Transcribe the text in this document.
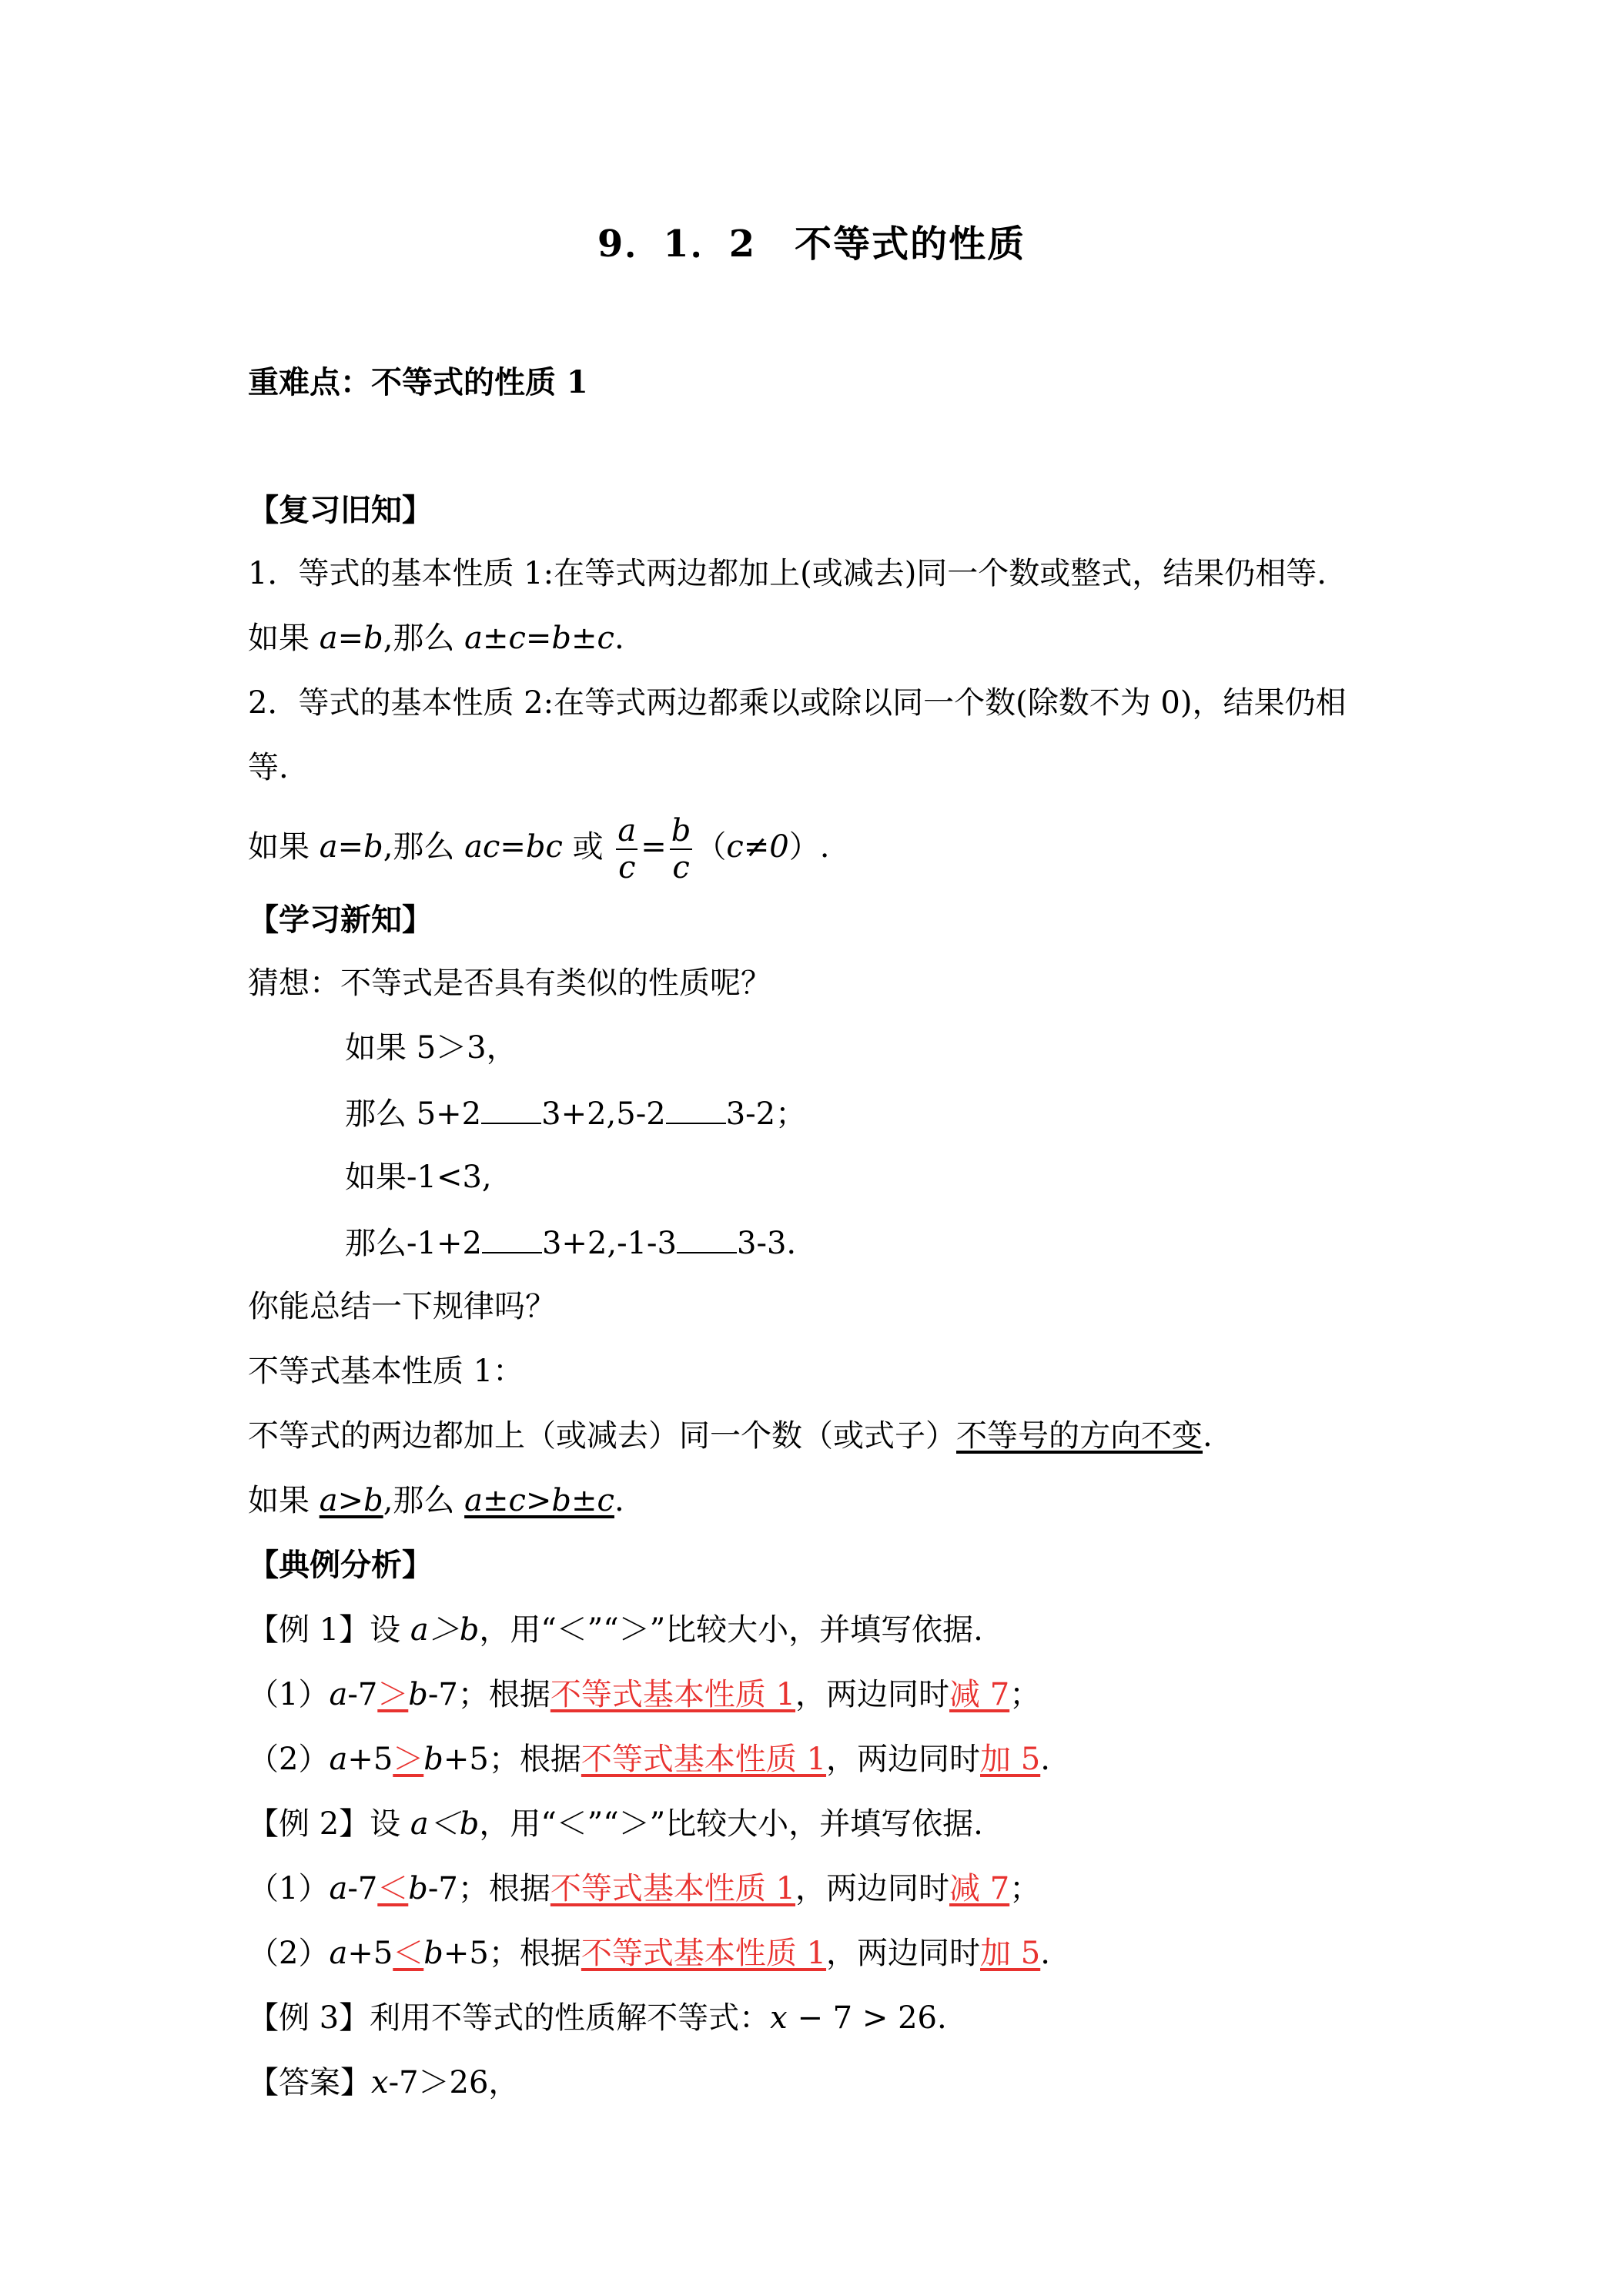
9．1．2　不等式的性质
重难点：不等式的性质 1
【复习旧知】
1．等式的基本性质 1:在等式两边都加上(或减去)同一个数或整式，结果仍相等.
如果 a=b,那么 a±c=b±c.
2．等式的基本性质 2:在等式两边都乘以或除以同一个数(除数不为 0)，结果仍相
等.
如果 a=b,那么 ac=bc 或 $\frac{a}{c} = \frac{b}{c} (c\ne 0)$.
【学习新知】
猜想：不等式是否具有类似的性质呢？
如果 5＞3，
那么 5+2 3+2,5-2 3-2；
如果-1<3,
那么-1+2 3+2,-1-3 3-3.
你能总结一下规律吗？
不等式基本性质 1：
不等式的两边都加上（或减去）同一个数（或式子）不等号的方向不变.
如果 a>b,那么 a±c>b±c.
【典例分析】
【例 1】设 a＞b，用“＜”“＞”比较大小，并填写依据.
（1）a-7＞b-7；根据不等式基本性质 1，两边同时减 7；
（2）a+5＞b+5；根据不等式基本性质 1，两边同时加 5.
【例 2】设 a＜b，用“＜”“＞”比较大小，并填写依据.
（1）a-7＜b-7；根据不等式基本性质 1，两边同时减 7；
（2）a+5＜b+5；根据不等式基本性质 1，两边同时加 5.
【例 3】利用不等式的性质解不等式：x − 7 > 26.
【答案】x-7＞26，
